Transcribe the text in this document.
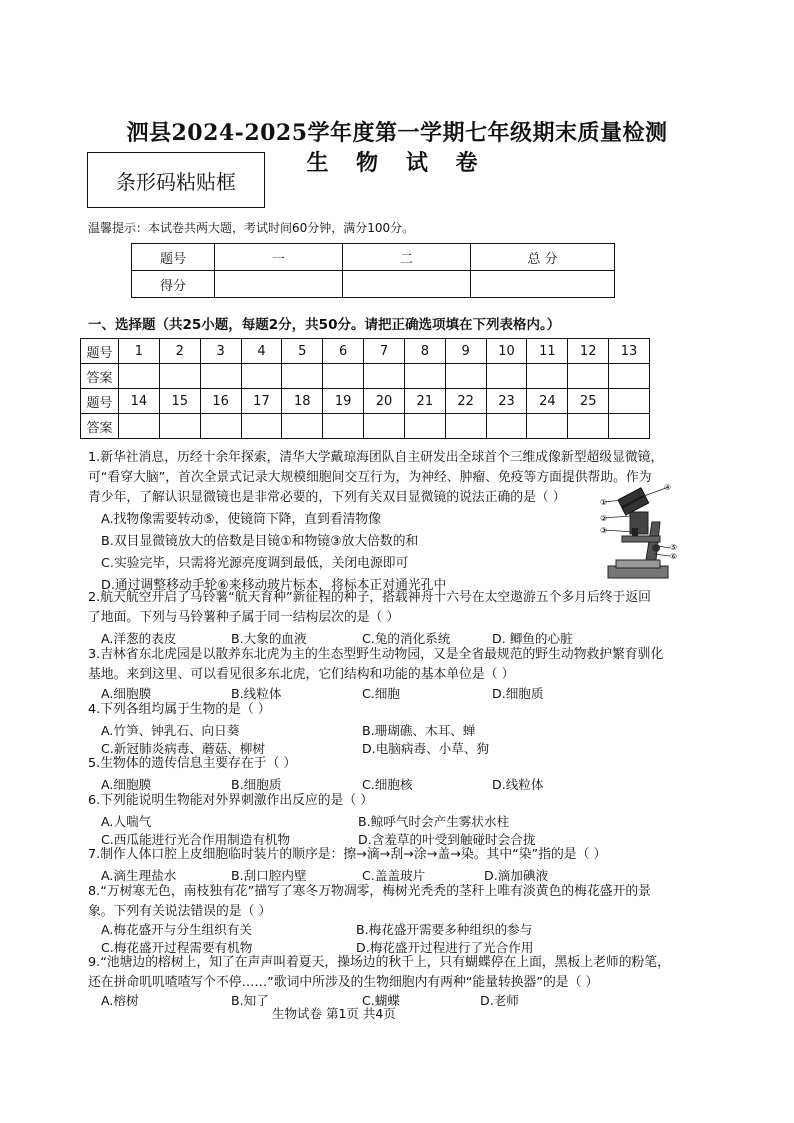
泗县2024-2025学年度第一学期七年级期末质量检测
生 物 试 卷
条形码粘贴框
温馨提示：本试卷共两大题，考试时间60分钟，满分100分。
题号	一	二	总 分
得分			
一、选择题（共25小题，每题2分，共50分。请把正确选项填在下列表格内。）
题号	1	2	3	4	5	6	7	8	9	10	11	12	13
答案													
题号	14	15	16	17	18	19	20	21	22	23	24	25	
答案													
1.新华社消息，历经十余年探索，清华大学戴琼海团队自主研发出全球首个三维成像新型超级显微镜，
可“看穿大脑”，首次全景式记录大规模细胞间交互行为，为神经、肿瘤、免疫等方面提供帮助。作为
青少年，了解认识显微镜也是非常必要的，下列有关双目显微镜的说法正确的是（ ）
A.找物像需要转动⑤，使镜筒下降，直到看清物像
B.双目显微镜放大的倍数是目镜①和物镜③放大倍数的和
C.实验完毕，只需将光源亮度调到最低，关闭电源即可
D.通过调整移动手轮⑥来移动玻片标本，将标本正对通光孔中
①
②
③
④
⑤
⑥
2.航天航空开启了马铃薯“航天育种”新征程的种子，搭载神舟十六号在太空遨游五个多月后终于返回
了地面。下列与马铃薯种子属于同一结构层次的是（ ）
A.洋葱的表皮	B.大象的血液	C.兔的消化系统	D. 鲫鱼的心脏
3.吉林省东北虎园是以散养东北虎为主的生态型野生动物园，又是全省最规范的野生动物救护繁育驯化
基地。来到这里、可以看见很多东北虎，它们结构和功能的基本单位是（ ）
A.细胞膜	B.线粒体	C.细胞	D.细胞质
4.下列各组均属于生物的是（ ）
A.竹笋、钟乳石、向日葵	B.珊瑚礁、木耳、蝉
C.新冠肺炎病毒、蘑菇、柳树	D.电脑病毒、小草、狗
5.生物体的遗传信息主要存在于（ ）
A.细胞膜	B.细胞质	C.细胞核	D.线粒体
6.下列能说明生物能对外界刺激作出反应的是（ ）
A.人喘气	B.鲸呼气时会产生雾状水柱
C.西瓜能进行光合作用制造有机物	D.含羞草的叶受到触碰时会合拢
7.制作人体口腔上皮细胞临时装片的顺序是：擦→滴→刮→涂→盖→染。其中“染”指的是（ ）
A.滴生理盐水	B.刮口腔内壁	C.盖盖玻片	D.滴加碘液
8.“万树寒无色，南枝独有花”描写了寒冬万物凋零，梅树光秃秃的茎秆上唯有淡黄色的梅花盛开的景
象。下列有关说法错误的是（ ）
A.梅花盛开与分生组织有关	B.梅花盛开需要多种组织的参与
C.梅花盛开过程需要有机物	D.梅花盛开过程进行了光合作用
9.“池塘边的榕树上，知了在声声叫着夏天，操场边的秋千上，只有蝴蝶停在上面，黑板上老师的粉笔，
还在拼命叽叽喳喳写个不停……”歌词中所涉及的生物细胞内有两种“能量转换器”的是（ ）
A.榕树	B.知了	C.蝴蝶	D.老师
生物试卷 第1页 共4页
